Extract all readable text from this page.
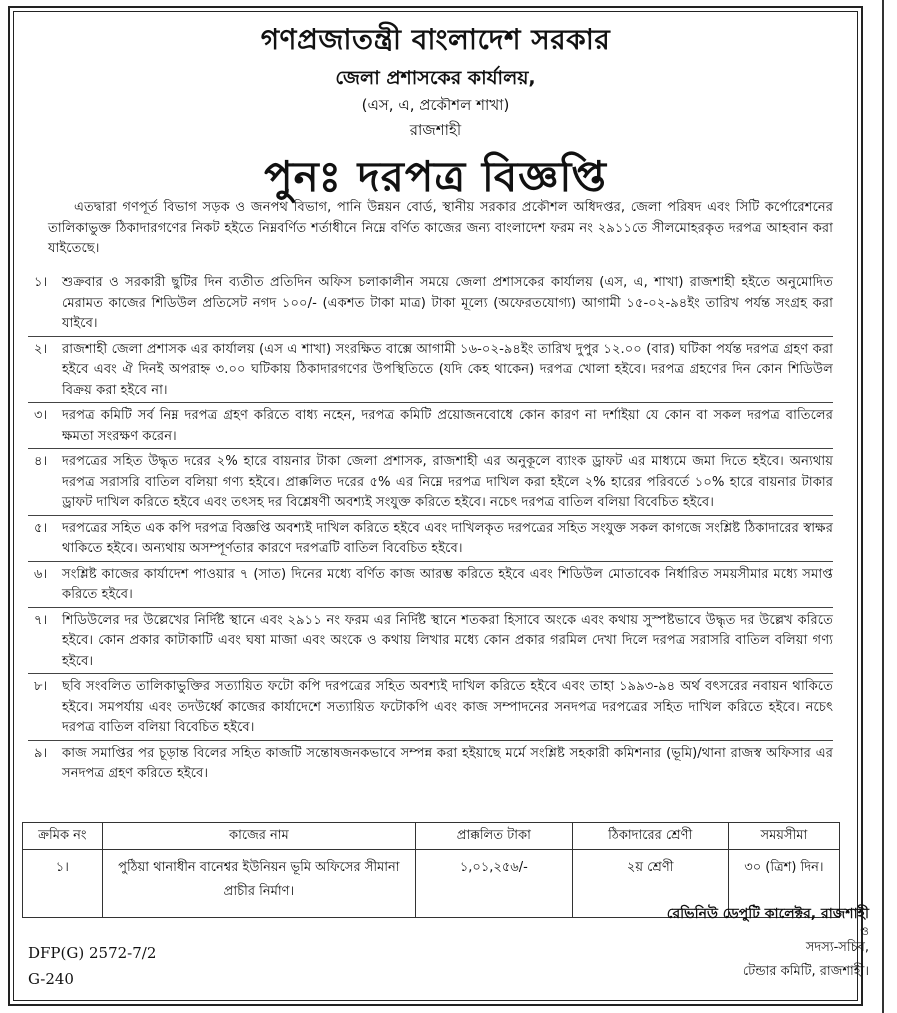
গণপ্রজাতন্ত্রী বাংলাদেশ সরকার
জেলা প্রশাসকের কার্যালয়,
(এস, এ, প্রকৌশল শাখা)
রাজশাহী
পুনঃ দরপত্র বিজ্ঞপ্তি
এতদ্বারা গণপূর্ত বিভাগ সড়ক ও জনপথ বিভাগ, পানি উন্নয়ন বোর্ড, স্থানীয় সরকার প্রকৌশল অধিদপ্তর, জেলা পরিষদ এবং সিটি কর্পোরেশনের তালিকাভুক্ত ঠিকাদারগণের নিকট হইতে নিম্নবর্ণিত শর্তাধীনে নিম্নে বর্ণিত কাজের জন্য বাংলাদেশ ফরম নং ২৯১১তে সীলমোহরকৃত দরপত্র আহবান করা যাইতেছে।
১।	শুক্রবার ও সরকারী ছুটির দিন ব্যতীত প্রতিদিন অফিস চলাকালীন সময়ে জেলা প্রশাসকের কার্যালয় (এস, এ, শাখা) রাজশাহী হইতে অনুমোদিত মেরামত কাজের শিডিউল প্রতিসেট নগদ ১০০/- (একশত টাকা মাত্র) টাকা মূল্যে (অফেরতযোগ্য) আগামী ১৫-০২-৯৪ইং তারিখ পর্যন্ত সংগ্রহ করা যাইবে।
২।	রাজশাহী জেলা প্রশাসক এর কার্যালয় (এস এ শাখা) সংরক্ষিত বাক্সে আগামী ১৬-০২-৯৪ইং তারিখ দুপুর ১২.০০ (বার) ঘটিকা পর্যন্ত দরপত্র গ্রহণ করা হইবে এবং ঐ দিনই অপরাহ্ন ৩.০০ ঘটিকায় ঠিকাদারগণের উপস্থিতিতে (যদি কেহ থাকেন) দরপত্র খোলা হইবে। দরপত্র গ্রহণের দিন কোন শিডিউল বিক্রয় করা হইবে না।
৩।	দরপত্র কমিটি সর্ব নিম্ন দরপত্র গ্রহণ করিতে বাধ্য নহেন, দরপত্র কমিটি প্রয়োজনবোধে কোন কারণ না দর্শাইয়া যে কোন বা সকল দরপত্র বাতিলের ক্ষমতা সংরক্ষণ করেন।
৪।	দরপত্রের সহিত উদ্ধৃত দরের ২% হারে বায়নার টাকা জেলা প্রশাসক, রাজশাহী এর অনুকূলে ব্যাংক ড্রাফট এর মাধ্যমে জমা দিতে হইবে। অন্যথায় দরপত্র সরাসরি বাতিল বলিয়া গণ্য হইবে। প্রাক্কলিত দরের ৫% এর নিম্নে দরপত্র দাখিল করা হইলে ২% হারের পরিবর্তে ১০% হারে বায়নার টাকার ড্রাফট দাখিল করিতে হইবে এবং তৎসহ দর বিশ্লেষণী অবশ্যই সংযুক্ত করিতে হইবে। নচেৎ দরপত্র বাতিল বলিয়া বিবেচিত হইবে।
৫।	দরপত্রের সহিত এক কপি দরপত্র বিজ্ঞপ্তি অবশ্যই দাখিল করিতে হইবে এবং দাখিলকৃত দরপত্রের সহিত সংযুক্ত সকল কাগজে সংশ্লিষ্ট ঠিকাদারের স্বাক্ষর থাকিতে হইবে। অন্যথায় অসম্পূর্ণতার কারণে দরপত্রটি বাতিল বিবেচিত হইবে।
৬।	সংশ্লিষ্ট কাজের কার্যাদেশ পাওয়ার ৭ (সাত) দিনের মধ্যে বর্ণিত কাজ আরম্ভ করিতে হইবে এবং শিডিউল মোতাবেক নির্ধারিত সময়সীমার মধ্যে সমাপ্ত করিতে হইবে।
৭।	শিডিউলের দর উল্লেখের নির্দিষ্ট স্থানে এবং ২৯১১ নং ফরম এর নির্দিষ্ট স্থানে শতকরা হিসাবে অংকে এবং কথায় সুস্পষ্টভাবে উদ্ধৃত দর উল্লেখ করিতে হইবে। কোন প্রকার কাটাকাটি এবং ঘষা মাজা এবং অংকে ও কথায় লিখার মধ্যে কোন প্রকার গরমিল দেখা দিলে দরপত্র সরাসরি বাতিল বলিয়া গণ্য হইবে।
৮।	ছবি সংবলিত তালিকাভুক্তির সত্যায়িত ফটো কপি দরপত্রের সহিত অবশ্যই দাখিল করিতে হইবে এবং তাহা ১৯৯৩-৯৪ অর্থ বৎসরের নবায়ন থাকিতে হইবে। সমপর্যায় এবং তদউর্ধ্বে কাজের কার্যাদেশে সত্যায়িত ফটোকপি এবং কাজ সম্পাদনের সনদপত্র দরপত্রের সহিত দাখিল করিতে হইবে। নচেৎ দরপত্র বাতিল বলিয়া বিবেচিত হইবে।
৯।	কাজ সমাপ্তির পর চূড়ান্ত বিলের সহিত কাজটি সন্তোষজনকভাবে সম্পন্ন করা হইয়াছে মর্মে সংশ্লিষ্ট সহকারী কমিশনার (ভূমি)/থানা রাজস্ব অফিসার এর সনদপত্র গ্রহণ করিতে হইবে।
ক্রমিক নং	কাজের নাম	প্রাক্কলিত টাকা	ঠিকাদারের শ্রেণী	সময়সীমা
১।	পুঠিয়া থানাধীন বানেশ্বর ইউনিয়ন ভূমি অফিসের সীমানা প্রাচীর নির্মাণ।	১,০১,২৫৬/-	২য় শ্রেণী	৩০ (ত্রিশ) দিন।
রেভিনিউ ডেপুটি কালেক্টর, রাজশাহী
ও
সদস্য-সচিব,
টেন্ডার কমিটি, রাজশাহী।
DFP(G) 2572-7/2
G-240
